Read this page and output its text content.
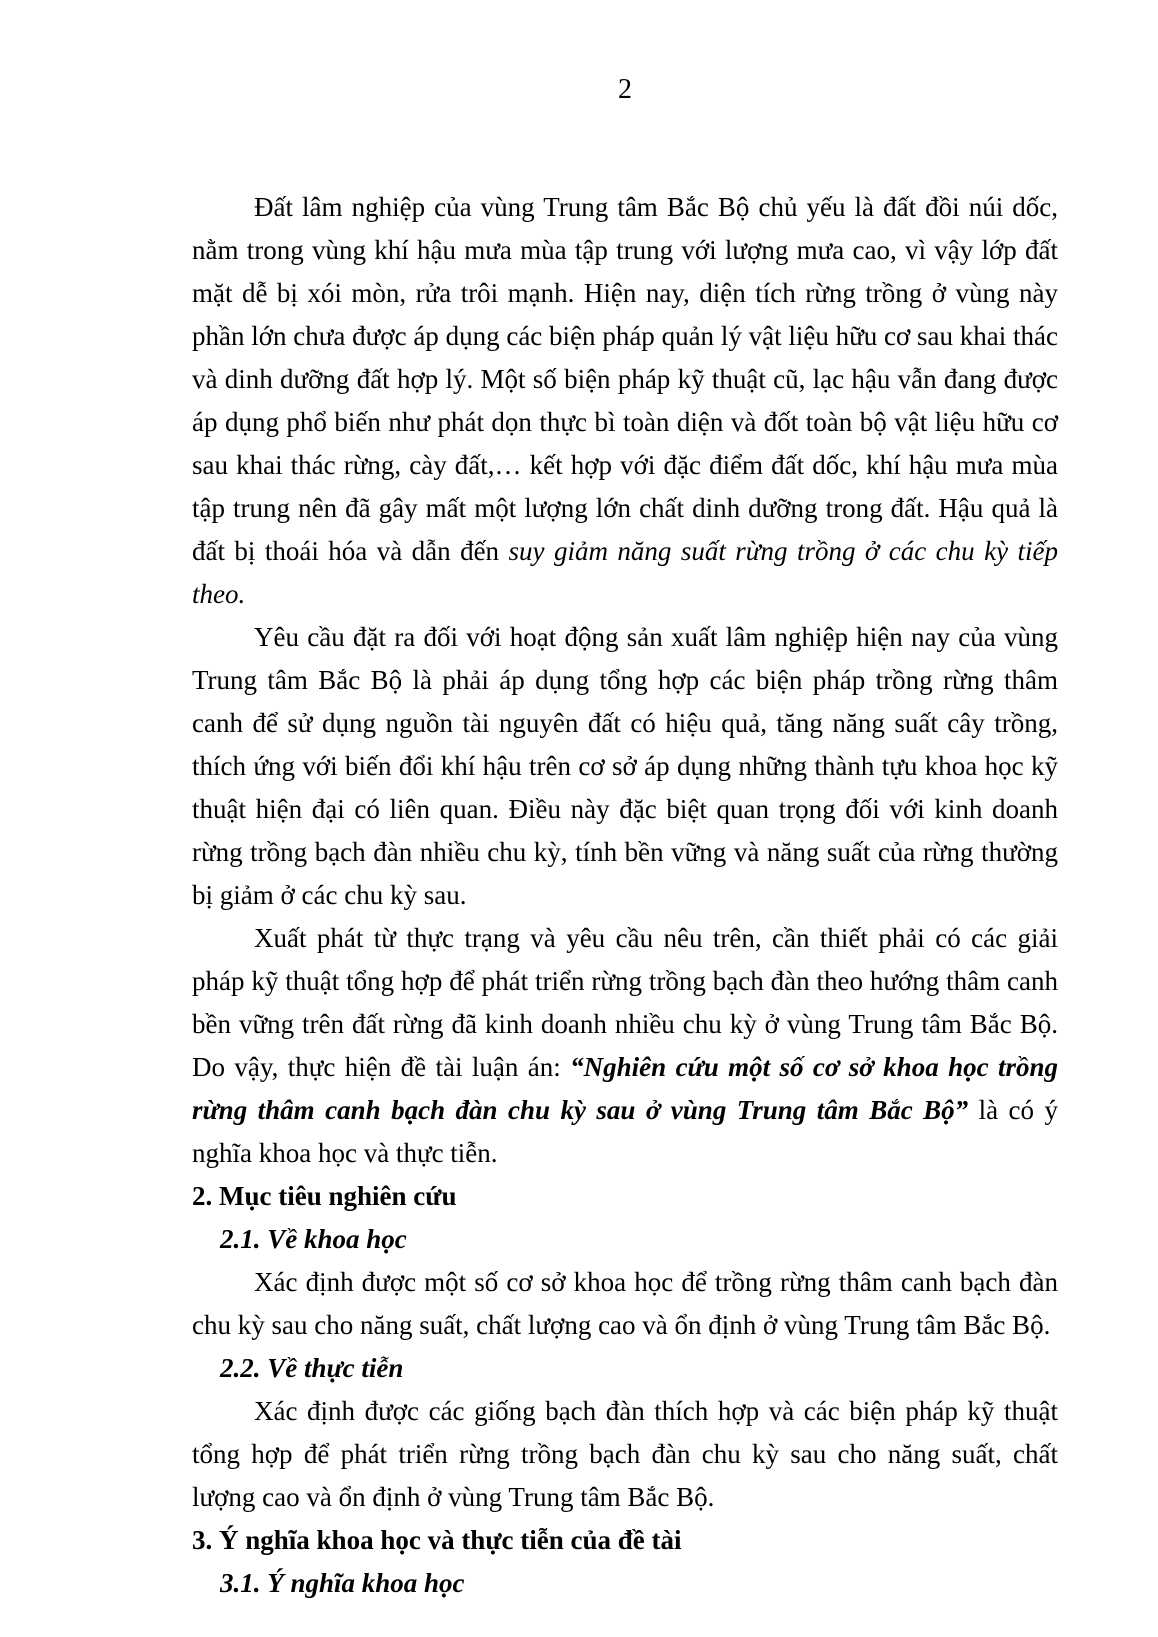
2

Đất lâm nghiệp của vùng Trung tâm Bắc Bộ chủ yếu là đất đồi núi dốc, nằm trong vùng khí hậu mưa mùa tập trung với lượng mưa cao, vì vậy lớp đất mặt dễ bị xói mòn, rửa trôi mạnh. Hiện nay, diện tích rừng trồng ở vùng này phần lớn chưa được áp dụng các biện pháp quản lý vật liệu hữu cơ sau khai thác và dinh dưỡng đất hợp lý. Một số biện pháp kỹ thuật cũ, lạc hậu vẫn đang được áp dụng phổ biến như phát dọn thực bì toàn diện và đốt toàn bộ vật liệu hữu cơ sau khai thác rừng, cày đất,… kết hợp với đặc điểm đất dốc, khí hậu mưa mùa tập trung nên đã gây mất một lượng lớn chất dinh dưỡng trong đất. Hậu quả là đất bị thoái hóa và dẫn đến suy giảm năng suất rừng trồng ở các chu kỳ tiếp theo.

Yêu cầu đặt ra đối với hoạt động sản xuất lâm nghiệp hiện nay của vùng Trung tâm Bắc Bộ là phải áp dụng tổng hợp các biện pháp trồng rừng thâm canh để sử dụng nguồn tài nguyên đất có hiệu quả, tăng năng suất cây trồng, thích ứng với biến đổi khí hậu trên cơ sở áp dụng những thành tựu khoa học kỹ thuật hiện đại có liên quan. Điều này đặc biệt quan trọng đối với kinh doanh rừng trồng bạch đàn nhiều chu kỳ, tính bền vững và năng suất của rừng thường bị giảm ở các chu kỳ sau.

Xuất phát từ thực trạng và yêu cầu nêu trên, cần thiết phải có các giải pháp kỹ thuật tổng hợp để phát triển rừng trồng bạch đàn theo hướng thâm canh bền vững trên đất rừng đã kinh doanh nhiều chu kỳ ở vùng Trung tâm Bắc Bộ. Do vậy, thực hiện đề tài luận án: “Nghiên cứu một số cơ sở khoa học trồng rừng thâm canh bạch đàn chu kỳ sau ở vùng Trung tâm Bắc Bộ” là có ý nghĩa khoa học và thực tiễn.

2. Mục tiêu nghiên cứu

2.1. Về khoa học

Xác định được một số cơ sở khoa học để trồng rừng thâm canh bạch đàn chu kỳ sau cho năng suất, chất lượng cao và ổn định ở vùng Trung tâm Bắc Bộ.

2.2. Về thực tiễn

Xác định được các giống bạch đàn thích hợp và các biện pháp kỹ thuật tổng hợp để phát triển rừng trồng bạch đàn chu kỳ sau cho năng suất, chất lượng cao và ổn định ở vùng Trung tâm Bắc Bộ.

3. Ý nghĩa khoa học và thực tiễn của đề tài

3.1. Ý nghĩa khoa học
